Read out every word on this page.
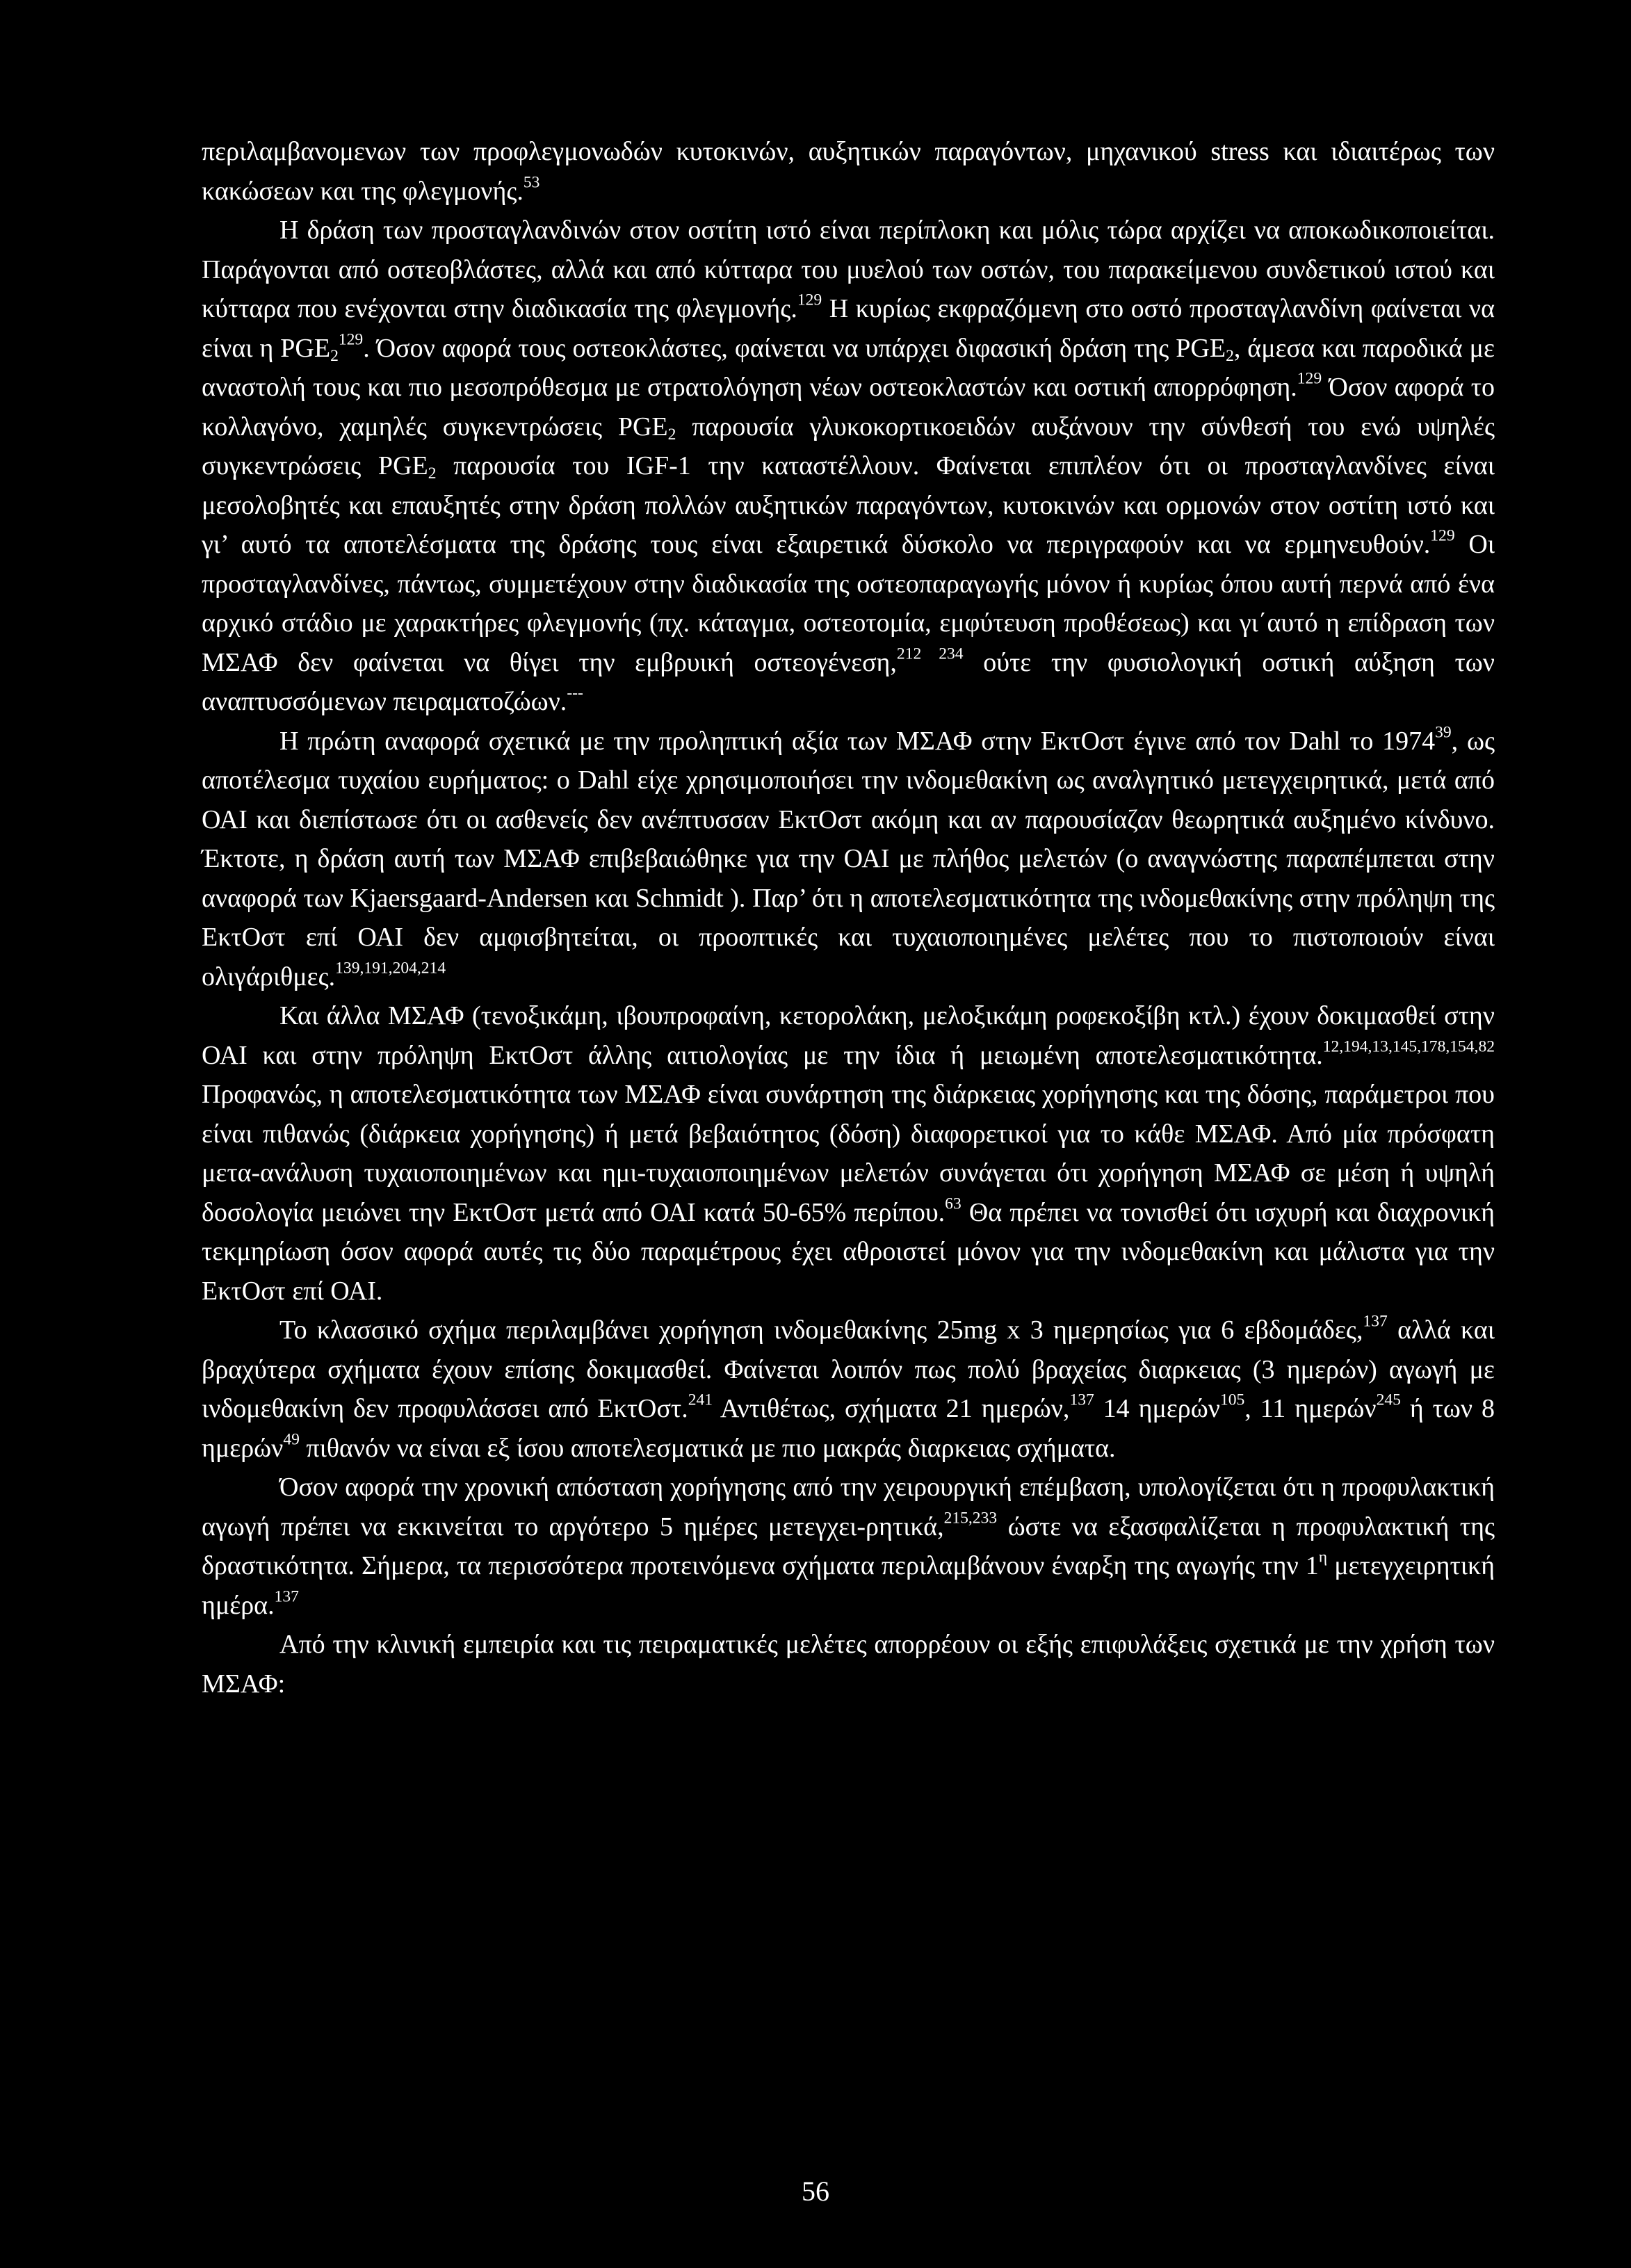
περιλαμβανομενων των προφλεγμονωδών κυτοκινών, αυξητικών παραγόντων, μηχανικού stress και ιδιαιτέρως των κακώσεων και της φλεγμονής.$^{53}$

Η δράση των προσταγλανδινών στον οστίτη ιστό είναι περίπλοκη και μόλις τώρα αρχίζει να αποκωδικοποιείται. Παράγονται από οστεοβλάστες, αλλά και από κύτταρα του μυελού των οστών, του παρακείμενου συνδετικού ιστού και κύτταρα που ενέχονται στην διαδικασία της φλεγμονής.$^{129}$ Η κυρίως εκφραζόμενη στο οστό προσταγλανδίνη φαίνεται να είναι η $PGE_2^{129}$. Όσον αφορά τους οστεοκλάστες, φαίνεται να υπάρχει διφασική δράση της $PGE_2$, άμεσα και παροδικά με αναστολή τους και πιο μεσοπρόθεσμα με στρατολόγηση νέων οστεοκλαστών και οστική απορρόφηση.$^{129}$ Όσον αφορά το κολλαγόνο, χαμηλές συγκεντρώσεις $PGE_2$ παρουσία γλυκοκορτικοειδών αυξάνουν την σύνθεσή του ενώ υψηλές συγκεντρώσεις $PGE_2$ παρουσία του IGF-1 την καταστέλλουν. Φαίνεται επιπλέον ότι οι προσταγλανδίνες είναι μεσολοβητές και επαυξητές στην δράση πολλών αυξητικών παραγόντων, κυτοκινών και ορμονών στον οστίτη ιστό και γι’ αυτό τα αποτελέσματα της δράσης τους είναι εξαιρετικά δύσκολο να περιγραφούν και να ερμηνευθούν.$^{129}$ Οι προσταγλανδίνες, πάντως, συμμετέχουν στην διαδικασία της οστεοπαραγωγής μόνον ή κυρίως όπου αυτή περνά από ένα αρχικό στάδιο με χαρακτήρες φλεγμονής (πχ. κάταγμα, οστεοτομία, εμφύτευση προθέσεως) και γι΄αυτό η επίδραση των ΜΣΑΦ δεν φαίνεται να θίγει την εμβρυική οστεογένεση,$^{212 234}$ ούτε την φυσιολογική οστική αύξηση των αναπτυσσόμενων πειραματοζώων.---

Η πρώτη αναφορά σχετικά με την προληπτική αξία των ΜΣΑΦ στην ΕκτΟστ έγινε από τον Dahl το 1974$^{39}$, ως αποτέλεσμα τυχαίου ευρήματος: ο Dahl είχε χρησιμοποιήσει την ινδομεθακίνη ως αναλγητικό μετεγχειρητικά, μετά από ΟΑΙ και διεπίστωσε ότι οι ασθενείς δεν ανέπτυσσαν ΕκτΟστ ακόμη και αν παρουσίαζαν θεωρητικά αυξημένο κίνδυνο. Έκτοτε, η δράση αυτή των ΜΣΑΦ επιβεβαιώθηκε για την ΟΑΙ με πλήθος μελετών (ο αναγνώστης παραπέμπεται στην αναφορά των Kjaersgaard-Andersen και Schmidt ). Παρ’ ότι η αποτελεσματικότητα της ινδομεθακίνης στην πρόληψη της ΕκτΟστ επί ΟΑΙ δεν αμφισβητείται, οι προοπτικές και τυχαιοποιημένες μελέτες που το πιστοποιούν είναι ολιγάριθμες.$^{139,191,204,214}$

Και άλλα ΜΣΑΦ (τενοξικάμη, ιβουπροφαίνη, κετορολάκη, μελοξικάμη ροφεκοξίβη κτλ.) έχουν δοκιμασθεί στην ΟΑΙ και στην πρόληψη ΕκτΟστ άλλης αιτιολογίας με την ίδια ή μειωμένη αποτελεσματικότητα.$^{12,194,13,145,178,154,82}$ Προφανώς, η αποτελεσματικότητα των ΜΣΑΦ είναι συνάρτηση της διάρκειας χορήγησης και της δόσης, παράμετροι που είναι πιθανώς (διάρκεια χορήγησης) ή μετά βεβαιότητος (δόση) διαφορετικοί για το κάθε ΜΣΑΦ. Από μία πρόσφατη μετα-ανάλυση τυχαιοποιημένων και ημι-τυχαιοποιημένων μελετών συνάγεται ότι χορήγηση ΜΣΑΦ σε μέση ή υψηλή δοσολογία μειώνει την ΕκτΟστ μετά από ΟΑΙ κατά 50-65% περίπου.$^{63}$ Θα πρέπει να τονισθεί ότι ισχυρή και διαχρονική τεκμηρίωση όσον αφορά αυτές τις δύο παραμέτρους έχει αθροιστεί μόνον για την ινδομεθακίνη και μάλιστα για την ΕκτΟστ επί ΟΑΙ.

Το κλασσικό σχήμα περιλαμβάνει χορήγηση ινδομεθακίνης 25mg x 3 ημερησίως για 6 εβδομάδες,$^{137}$ αλλά και βραχύτερα σχήματα έχουν επίσης δοκιμασθεί. Φαίνεται λοιπόν πως πολύ βραχείας διαρκειας (3 ημερών) αγωγή με ινδομεθακίνη δεν προφυλάσσει από ΕκτΟστ.$^{241}$ Αντιθέτως, σχήματα 21 ημερών,$^{137}$ 14 ημερών$^{105}$, 11 ημερών$^{245}$ ή των 8 ημερών$^{49}$ πιθανόν να είναι εξ ίσου αποτελεσματικά με πιο μακράς διαρκειας σχήματα.

Όσον αφορά την χρονική απόσταση χορήγησης από την χειρουργική επέμβαση, υπολογίζεται ότι η προφυλακτική αγωγή πρέπει να εκκινείται το αργότερο 5 ημέρες μετεγχει-ρητικά,$^{215,233}$ ώστε να εξασφαλίζεται η προφυλακτική της δραστικότητα. Σήμερα, τα περισσότερα προτεινόμενα σχήματα περιλαμβάνουν έναρξη της αγωγής την $1^\eta$ μετεγχειρητική ημέρα.$^{137}$

Από την κλινική εμπειρία και τις πειραματικές μελέτες απορρέουν οι εξής επιφυλάξεις σχετικά με την χρήση των ΜΣΑΦ:

56
